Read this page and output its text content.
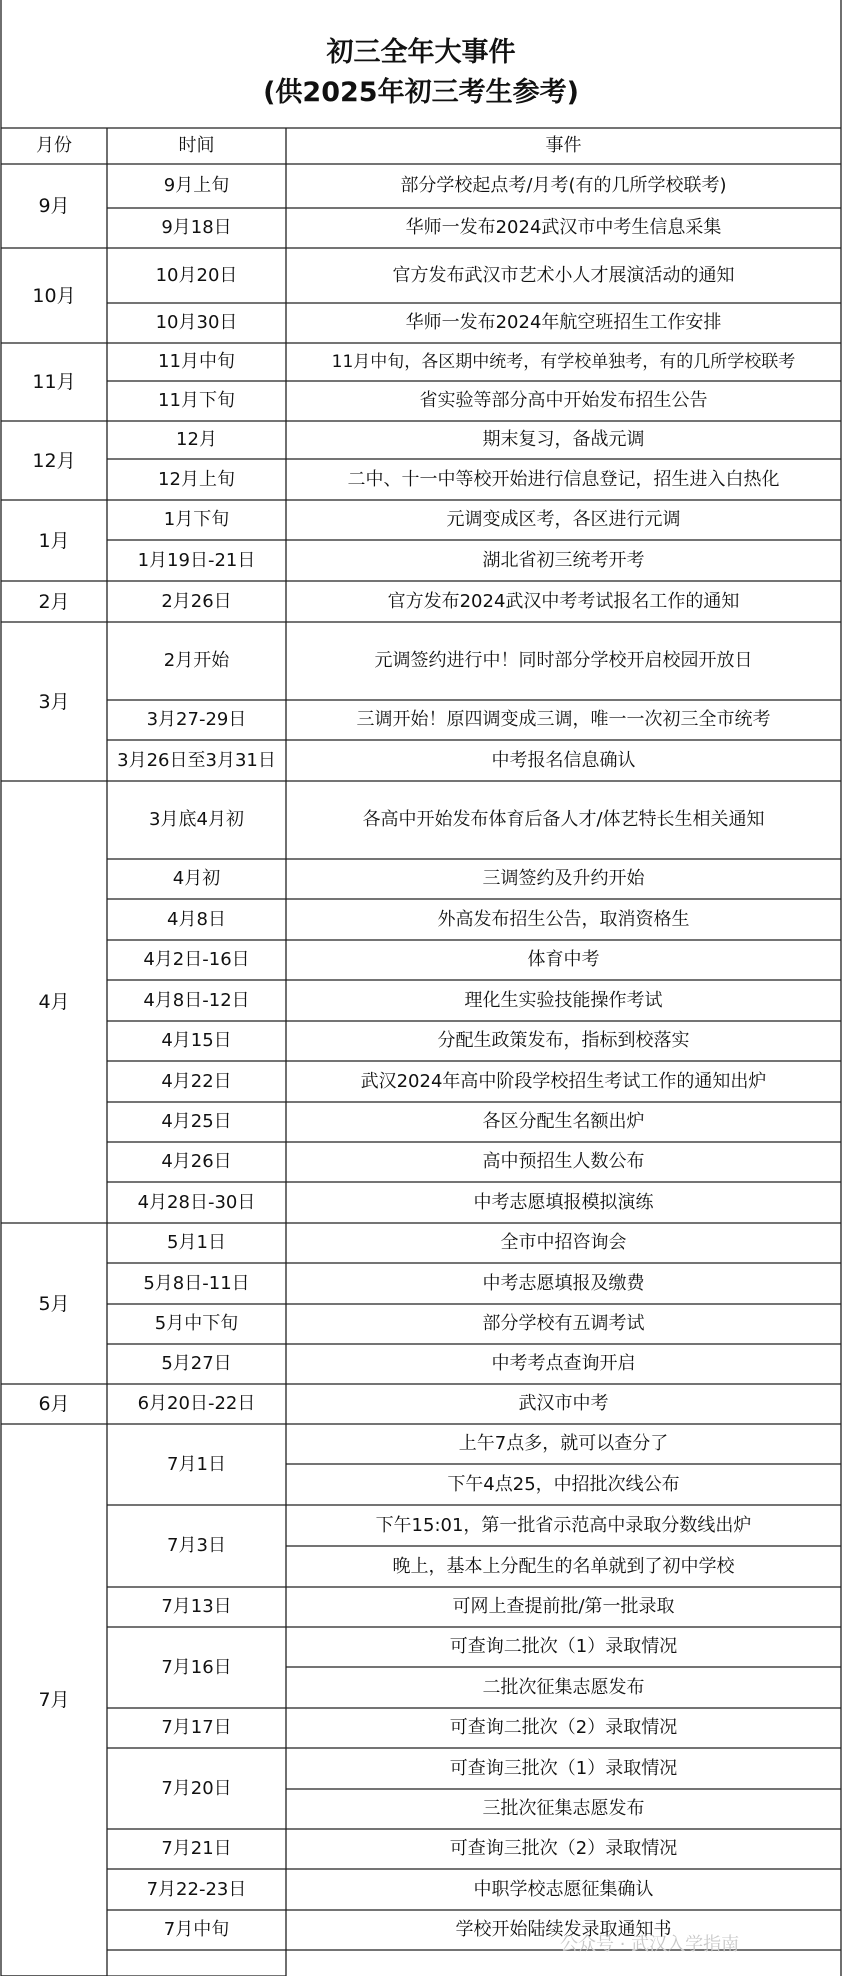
初三全年大事件
(供2025年初三考生参考)
月份	时间	事件
9月
10月
11月
12月
1月
2月
3月
4月
5月
6月
7月
9月上旬
9月18日
10月20日
10月30日
11月中旬
11月下旬
12月
12月上旬
1月下旬
1月19日-21日
2月26日
2月开始
3月27-29日
3月26日至3月31日
3月底4月初
4月初
4月8日
4月2日-16日
4月8日-12日
4月15日
4月22日
4月25日
4月26日
4月28日-30日
5月1日
5月8日-11日
5月中下旬
5月27日
6月20日-22日
7月1日
7月3日
7月13日
7月16日
7月17日
7月20日
7月21日
7月22-23日
7月中旬
部分学校起点考/月考(有的几所学校联考)
华师一发布2024武汉市中考生信息采集
官方发布武汉市艺术小人才展演活动的通知
华师一发布2024年航空班招生工作安排
11月中旬，各区期中统考，有学校单独考，有的几所学校联考
省实验等部分高中开始发布招生公告
期末复习，备战元调
二中、十一中等校开始进行信息登记，招生进入白热化
元调变成区考，各区进行元调
湖北省初三统考开考
官方发布2024武汉中考考试报名工作的通知
元调签约进行中！同时部分学校开启校园开放日
三调开始！原四调变成三调，唯一一次初三全市统考
中考报名信息确认
各高中开始发布体育后备人才/体艺特长生相关通知
三调签约及升约开始
外高发布招生公告，取消资格生
体育中考
理化生实验技能操作考试
分配生政策发布，指标到校落实
武汉2024年高中阶段学校招生考试工作的通知出炉
各区分配生名额出炉
高中预招生人数公布
中考志愿填报模拟演练
全市中招咨询会
中考志愿填报及缴费
部分学校有五调考试
中考考点查询开启
武汉市中考
上午7点多，就可以查分了
下午4点25，中招批次线公布
下午15:01，第一批省示范高中录取分数线出炉
晚上，基本上分配生的名单就到了初中学校
可网上查提前批/第一批录取
可查询二批次（1）录取情况
二批次征集志愿发布
可查询二批次（2）录取情况
可查询三批次（1）录取情况
三批次征集志愿发布
可查询三批次（2）录取情况
中职学校志愿征集确认
学校开始陆续发录取通知书
公众号 · 武汉入学指南
